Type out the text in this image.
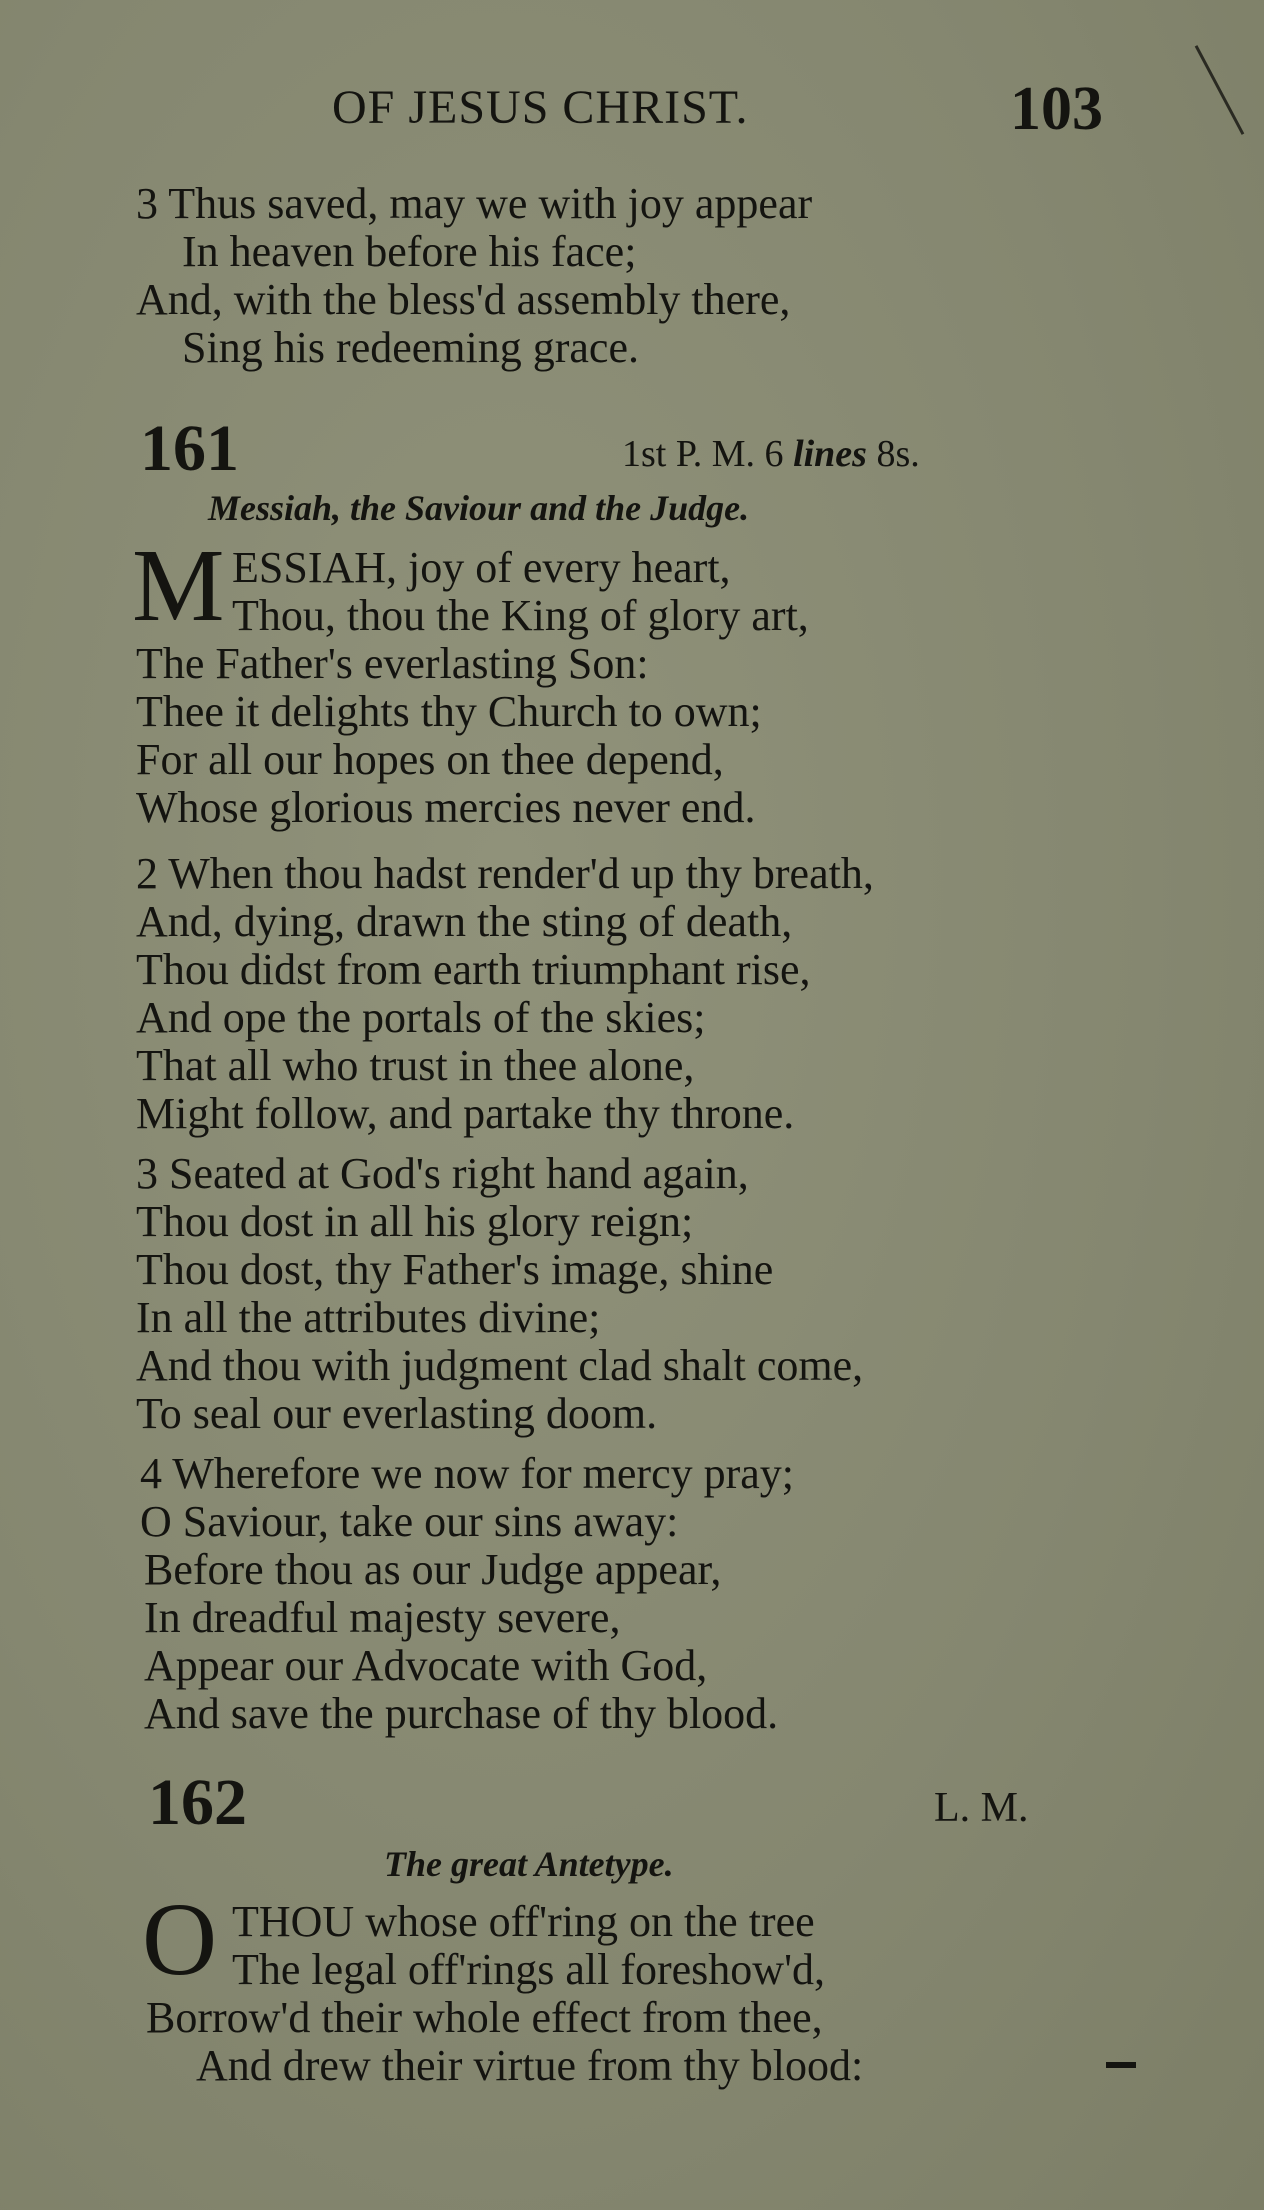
OF JESUS CHRIST.	103
3 Thus saved, may we with joy appear
In heaven before his face;
And, with the bless'd assembly there,
Sing his redeeming grace.
161	1st P. M. 6 lines 8s.
Messiah, the Saviour and the Judge.
M ESSIAH, joy of every heart,
Thou, thou the King of glory art,
The Father's everlasting Son:
Thee it delights thy Church to own;
For all our hopes on thee depend,
Whose glorious mercies never end.
2 When thou hadst render'd up thy breath,
And, dying, drawn the sting of death,
Thou didst from earth triumphant rise,
And ope the portals of the skies;
That all who trust in thee alone,
Might follow, and partake thy throne.
3 Seated at God's right hand again,
Thou dost in all his glory reign;
Thou dost, thy Father's image, shine
In all the attributes divine;
And thou with judgment clad shalt come,
To seal our everlasting doom.
4 Wherefore we now for mercy pray;
O Saviour, take our sins away:
Before thou as our Judge appear,
In dreadful majesty severe,
Appear our Advocate with God,
And save the purchase of thy blood.
162	L. M.
The great Antetype.
O THOU whose off'ring on the tree
The legal off'rings all foreshow'd,
Borrow'd their whole effect from thee,
And drew their virtue from thy blood:
